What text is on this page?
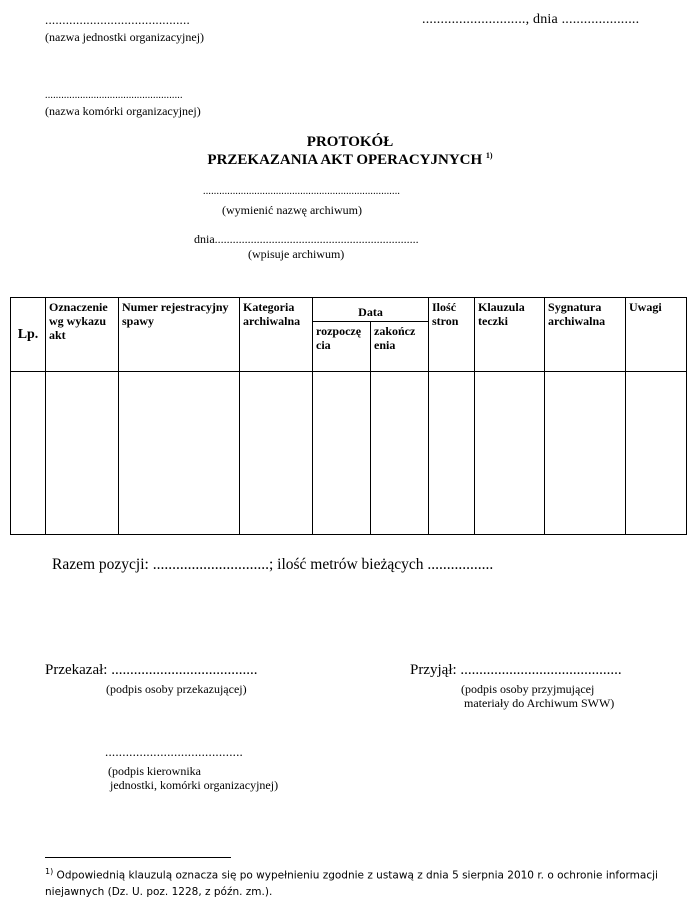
..........................................
(nazwa jednostki organizacyjnej)
............................, dnia .....................
...................................................
(nazwa komórki organizacyjnej)
PROTOKÓŁ
PRZEKAZANIA AKT OPERACYJNYCH $^{1)}$
.........................................................................
(wymienić nazwę archiwum)
dnia....................................................................
(wpisuje archiwum)
Lp.	Oznaczenie wg wykazu akt	Numer rejestracyjny spawy	Kategoria archiwalna	Data		Ilość stron	Klauzula teczki	Sygnatura archiwalna	Uwagi
				rozpoczę cia	zakończ enia				

Razem pozycji: ..............................; ilość metrów bieżących .................
Przekazał: .......................................
(podpis osoby przekazującej)
Przyjął: ...........................................
(podpis osoby przyjmującej
materiały do Archiwum SWW)
........................................
(podpis kierownika
jednostki, komórki organizacyjnej)
$^{1)}$ Odpowiednią klauzulą oznacza się po wypełnieniu zgodnie z ustawą z dnia 5 sierpnia 2010 r. o ochronie informacji niejawnych (Dz. U. poz. 1228, z późn. zm.).
